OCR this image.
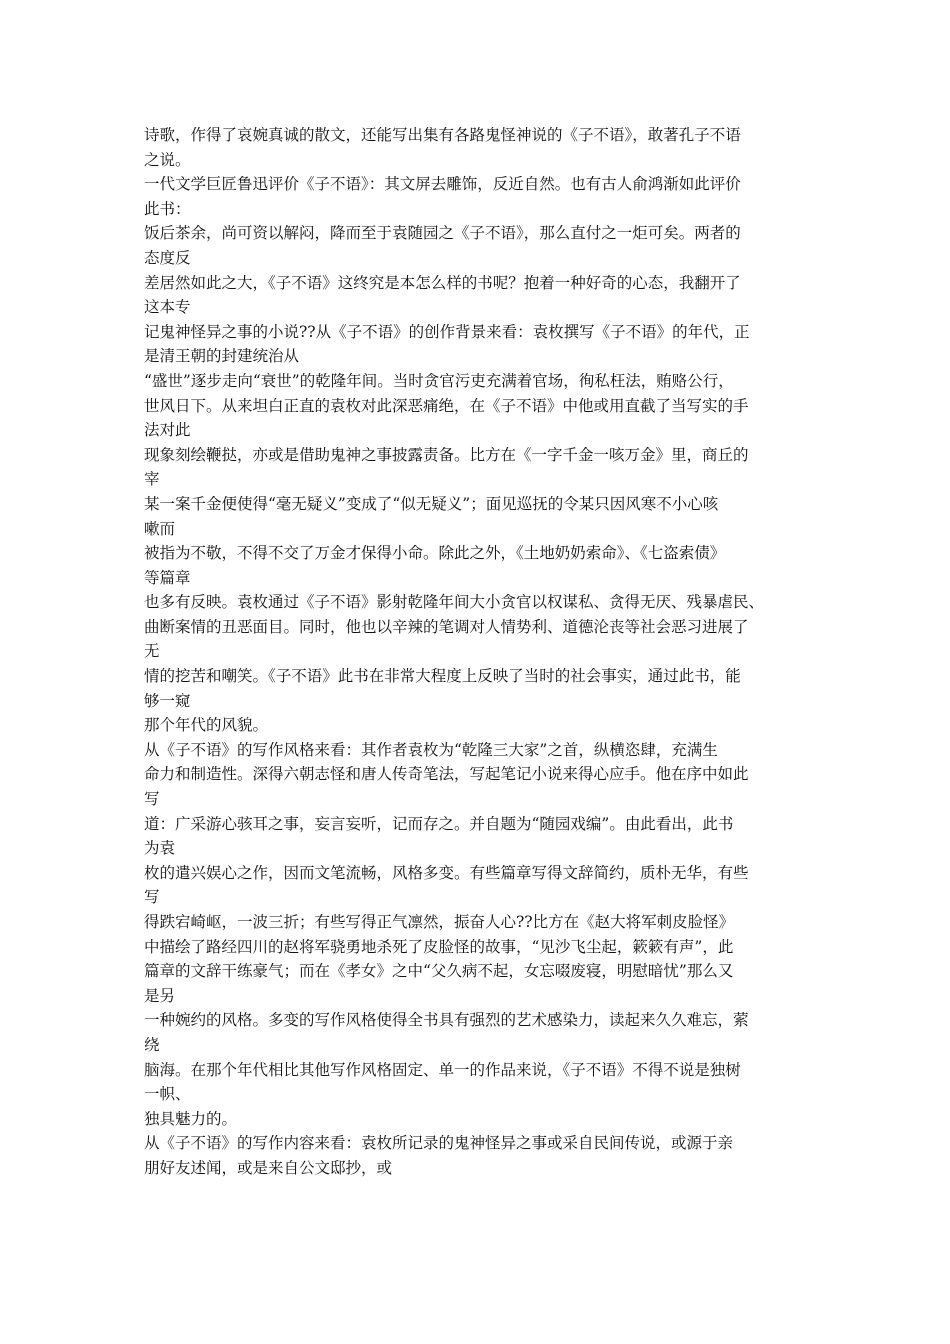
诗歌，作得了哀婉真诚的散文，还能写出集有各路鬼怪神说的《子不语》，敢著孔子不语
之说。
一代文学巨匠鲁迅评价《子不语》：其文屏去雕饰，反近自然。也有古人俞鸿渐如此评价
此书：
饭后茶余，尚可资以解闷，降而至于袁随园之《子不语》，那么直付之一炬可矣。两者的
态度反
差居然如此之大，《子不语》这终究是本怎么样的书呢？抱着一种好奇的心态，我翻开了
这本专
记鬼神怪异之事的小说??从《子不语》的创作背景来看：袁枚撰写《子不语》的年代，正
是清王朝的封建统治从
“盛世”逐步走向“衰世”的乾隆年间。当时贪官污吏充满着官场，徇私枉法，贿赂公行，
世风日下。从来坦白正直的袁枚对此深恶痛绝，在《子不语》中他或用直截了当写实的手
法对此
现象刻绘鞭挞，亦或是借助鬼神之事披露责备。比方在《一字千金一咳万金》里，商丘的
宰
某一案千金便使得“毫无疑义”变成了“似无疑义”；面见巡抚的令某只因风寒不小心咳
嗽而
被指为不敬，不得不交了万金才保得小命。除此之外，《土地奶奶索命》、《七盗索债》
等篇章
也多有反映。袁枚通过《子不语》影射乾隆年间大小贪官以权谋私、贪得无厌、残暴虐民、
曲断案情的丑恶面目。同时，他也以辛辣的笔调对人情势利、道德沦丧等社会恶习进展了
无
情的挖苦和嘲笑。《子不语》此书在非常大程度上反映了当时的社会事实，通过此书，能
够一窥
那个年代的风貌。
从《子不语》的写作风格来看：其作者袁枚为“乾隆三大家”之首，纵横恣肆，充满生
命力和制造性。深得六朝志怪和唐人传奇笔法，写起笔记小说来得心应手。他在序中如此
写
道：广采游心骇耳之事，妄言妄听，记而存之。并自题为“随园戏编”。由此看出，此书
为袁
枚的遣兴娱心之作，因而文笔流畅，风格多变。有些篇章写得文辞简约，质朴无华，有些
写
得跌宕崎岖，一波三折；有些写得正气凛然，振奋人心??比方在《赵大将军刺皮脸怪》
中描绘了路经四川的赵将军骁勇地杀死了皮脸怪的故事，“见沙飞尘起，簌簌有声”，此
篇章的文辞干练豪气；而在《孝女》之中“父久病不起，女忘啜废寝，明慰暗忧”那么又
是另
一种婉约的风格。多变的写作风格使得全书具有强烈的艺术感染力，读起来久久难忘，萦
绕
脑海。在那个年代相比其他写作风格固定、单一的作品来说，《子不语》不得不说是独树
一帜、
独具魅力的。
从《子不语》的写作内容来看：袁枚所记录的鬼神怪异之事或采自民间传说，或源于亲
朋好友述闻，或是来自公文邸抄，或
